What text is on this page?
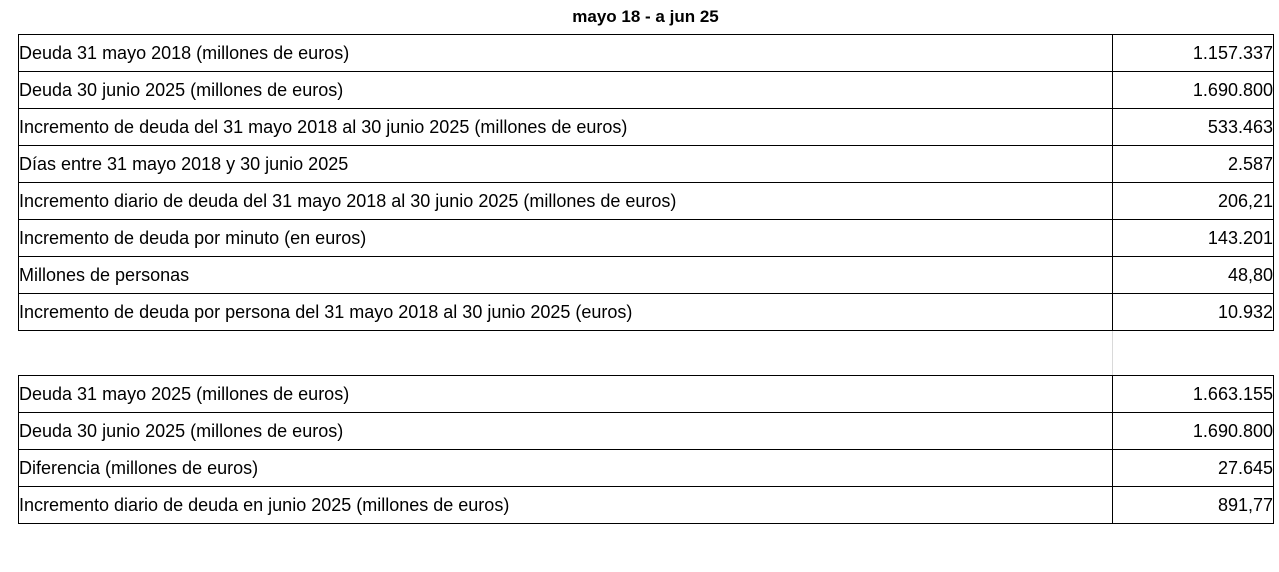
mayo 18 - a jun 25
Deuda 31 mayo 2018 (millones de euros)	1.157.337
Deuda 30 junio 2025 (millones de euros)	1.690.800
Incremento de deuda del 31 mayo 2018 al 30 junio 2025 (millones de euros)	533.463
Días entre 31 mayo 2018 y 30 junio 2025	2.587
Incremento diario de deuda del 31 mayo 2018 al 30 junio 2025 (millones de euros)	206,21
Incremento de deuda por minuto (en euros)	143.201
Millones de personas	48,80
Incremento de deuda por persona del 31 mayo 2018 al 30 junio 2025 (euros)	10.932

Deuda 31 mayo 2025 (millones de euros)	1.663.155
Deuda 30 junio 2025 (millones de euros)	1.690.800
Diferencia (millones de euros)	27.645
Incremento diario de deuda en junio 2025 (millones de euros)	891,77
